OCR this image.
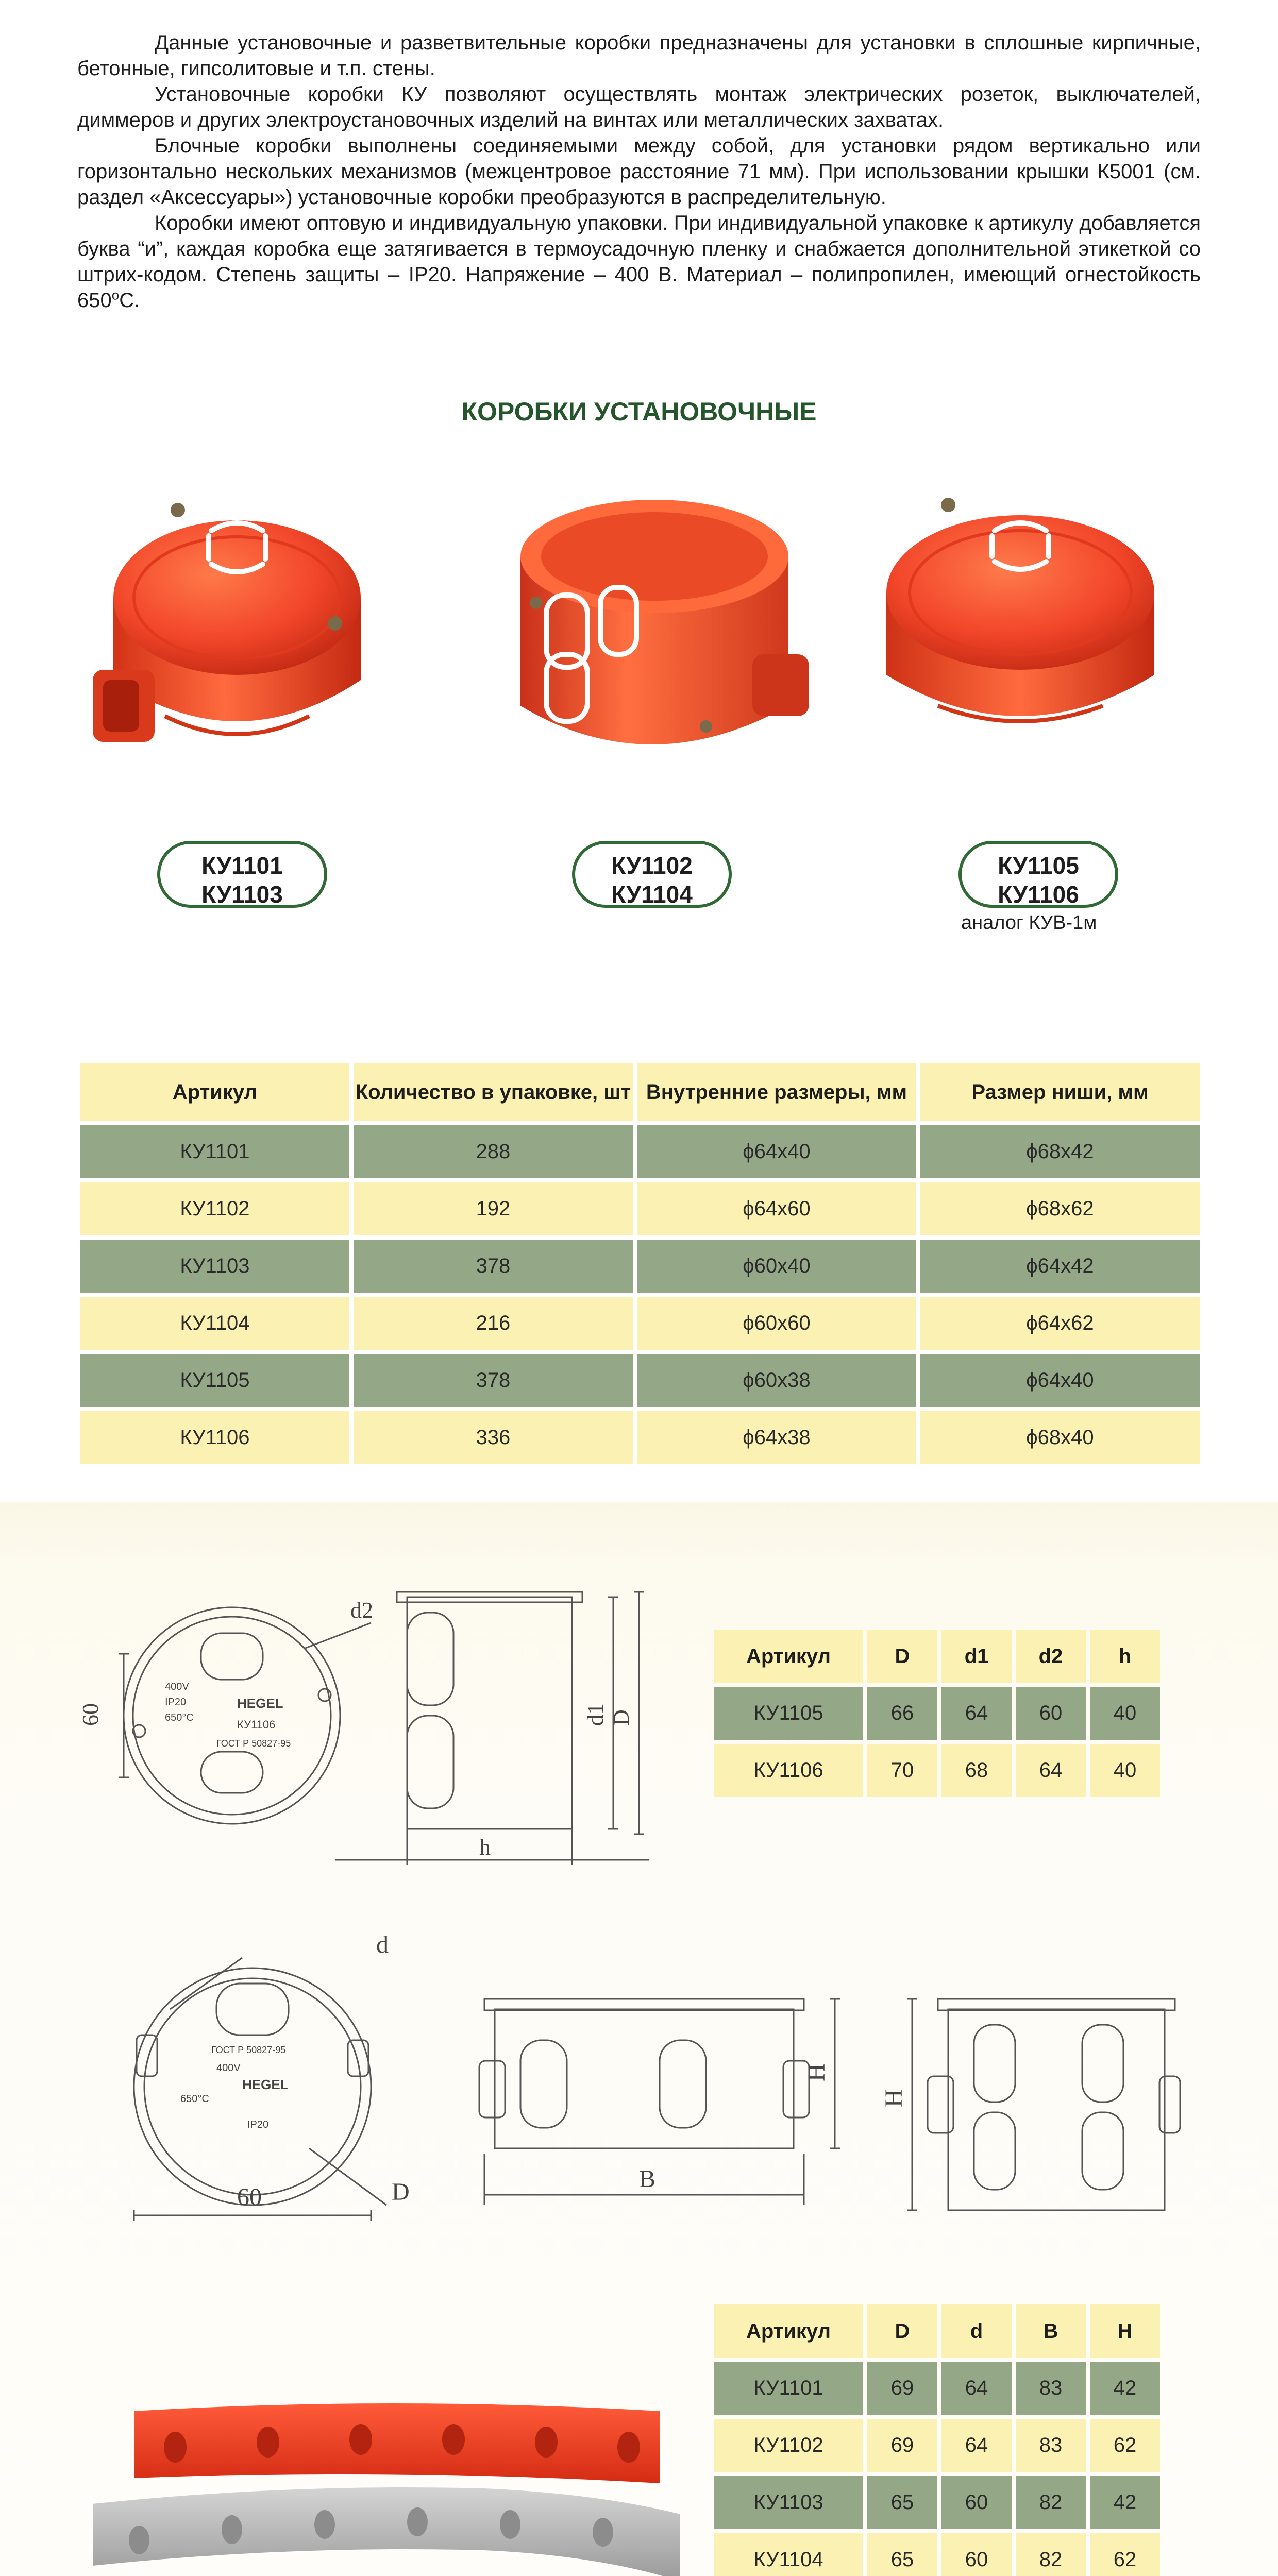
Данные установочные и разветвительные коробки предназначены для установки в сплошные кирпичные, бетонные, гипсолитовые и т.п. стены.

Установочные коробки КУ позволяют осуществлять монтаж электрических розеток, выключателей, диммеров и других электроустановочных изделий на винтах или металлических захватах.

Блочные коробки выполнены соединяемыми между собой, для установки рядом вертикально или горизонтально нескольких механизмов (межцентровое расстояние 71 мм). При использовании крышки К5001 (см. раздел «Аксессуары») установочные коробки преобразуются в распределительную.

Коробки имеют оптовую и индивидуальную упаковки. При индивидуальной упаковке к артикулу добавляется буква “и”, каждая коробка еще затягивается в термоусадочную пленку и снабжается дополнительной этикеткой со штрих-кодом. Степень защиты – IP20. Напряжение – 400 В. Материал – полипропилен, имеющий огнестойкость $650^оС$.

КОРОБКИ УСТАНОВОЧНЫЕ
КУ1101
КУ1103
КУ1102
КУ1104
КУ1105
КУ1106
аналог КУВ-1м
Артикул	Количество в упаковке, шт	Внутренние размеры, мм	Размер ниши, мм
КУ1101	288	ϕ64x40	ϕ68x42
КУ1102	192	ϕ64x60	ϕ68x62
КУ1103	378	ϕ60x40	ϕ64x42
КУ1104	216	ϕ60x60	ϕ64x62
КУ1105	378	ϕ60x38	ϕ64x40
КУ1106	336	ϕ64x38	ϕ68x40
60
d2
d1 D
h
400V
IP20
650°C
HEGEL
КУ1106
ГОСТ Р 50827-95
Артикул	D	d1	d2	h
КУ1105	66	64	60	40
КУ1106	70	68	64	40
d
D
60
B
H
H
ГОСТ Р 50827-95
400V
HEGEL
650°C
IP20
Артикул	D	d	B	H
КУ1101	69	64	83	42
КУ1102	69	64	83	62
КУ1103	65	60	82	42
КУ1104	65	60	82	62
